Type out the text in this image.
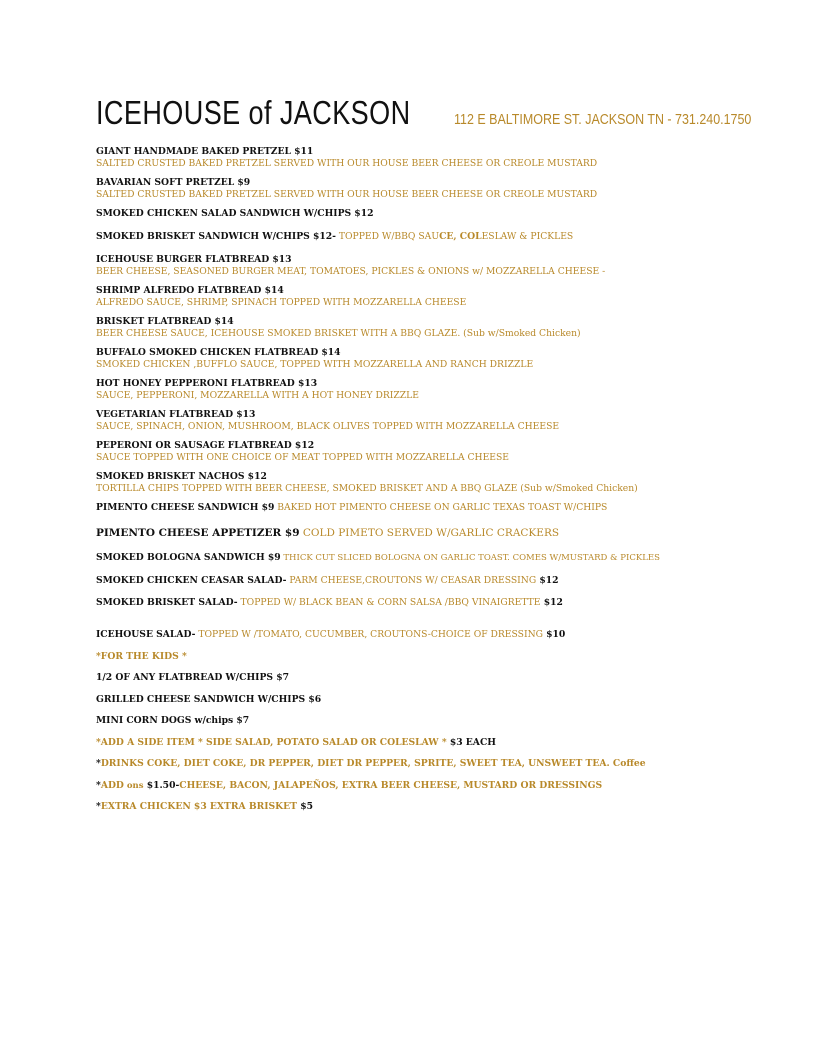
ICEHOUSE of JACKSON	112 E BALTIMORE ST. JACKSON TN - 731.240.1750
GIANT HANDMADE BAKED PRETZEL $11
SALTED CRUSTED BAKED PRETZEL SERVED WITH OUR HOUSE BEER CHEESE OR CREOLE MUSTARD
BAVARIAN SOFT PRETZEL $9
SALTED CRUSTED BAKED PRETZEL SERVED WITH OUR HOUSE BEER CHEESE OR CREOLE MUSTARD
SMOKED CHICKEN SALAD SANDWICH W/CHIPS $12
SMOKED BRISKET SANDWICH W/CHIPS $12- TOPPED W/BBQ SAUCE, COLESLAW & PICKLES
ICEHOUSE BURGER FLATBREAD $13
BEER CHEESE, SEASONED BURGER MEAT, TOMATOES, PICKLES & ONIONS w/ MOZZARELLA CHEESE -
SHRIMP ALFREDO FLATBREAD $14
ALFREDO SAUCE, SHRIMP, SPINACH TOPPED WITH MOZZARELLA CHEESE
BRISKET FLATBREAD $14
BEER CHEESE SAUCE, ICEHOUSE SMOKED BRISKET WITH A BBQ GLAZE. (Sub w/Smoked Chicken)
BUFFALO SMOKED CHICKEN FLATBREAD $14
SMOKED CHICKEN ,BUFFLO SAUCE, TOPPED WITH MOZZARELLA AND RANCH DRIZZLE
HOT HONEY PEPPERONI FLATBREAD $13
SAUCE, PEPPERONI, MOZZARELLA WITH A HOT HONEY DRIZZLE
VEGETARIAN FLATBREAD $13
SAUCE, SPINACH, ONION, MUSHROOM, BLACK OLIVES TOPPED WITH MOZZARELLA CHEESE
PEPERONI OR SAUSAGE FLATBREAD $12
SAUCE TOPPED WITH ONE CHOICE OF MEAT TOPPED WITH MOZZARELLA CHEESE
SMOKED BRISKET NACHOS $12
TORTILLA CHIPS TOPPED WITH BEER CHEESE, SMOKED BRISKET AND A BBQ GLAZE (Sub w/Smoked Chicken)
PIMENTO CHEESE SANDWICH $9 BAKED HOT PIMENTO CHEESE ON GARLIC TEXAS TOAST W/CHIPS
PIMENTO CHEESE APPETIZER $9 COLD PIMETO SERVED W/GARLIC CRACKERS
SMOKED BOLOGNA SANDWICH $9 THICK CUT SLICED BOLOGNA ON GARLIC TOAST. COMES W/MUSTARD & PICKLES
SMOKED CHICKEN CEASAR SALAD- PARM CHEESE,CROUTONS W/ CEASAR DRESSING $12
SMOKED BRISKET SALAD- TOPPED W/ BLACK BEAN & CORN SALSA /BBQ VINAIGRETTE $12
ICEHOUSE SALAD- TOPPED W /TOMATO, CUCUMBER, CROUTONS-CHOICE OF DRESSING $10
*FOR THE KIDS *
1/2 OF ANY FLATBREAD W/CHIPS $7
GRILLED CHEESE SANDWICH W/CHIPS $6
MINI CORN DOGS w/chips $7
*ADD A SIDE ITEM * SIDE SALAD, POTATO SALAD OR COLESLAW * $3 EACH
*DRINKS COKE, DIET COKE, DR PEPPER, DIET DR PEPPER, SPRITE, SWEET TEA, UNSWEET TEA. Coffee
*ADD ons $1.50-CHEESE, BACON, JALAPEÑOS, EXTRA BEER CHEESE, MUSTARD OR DRESSINGS
*EXTRA CHICKEN $3 EXTRA BRISKET $5
